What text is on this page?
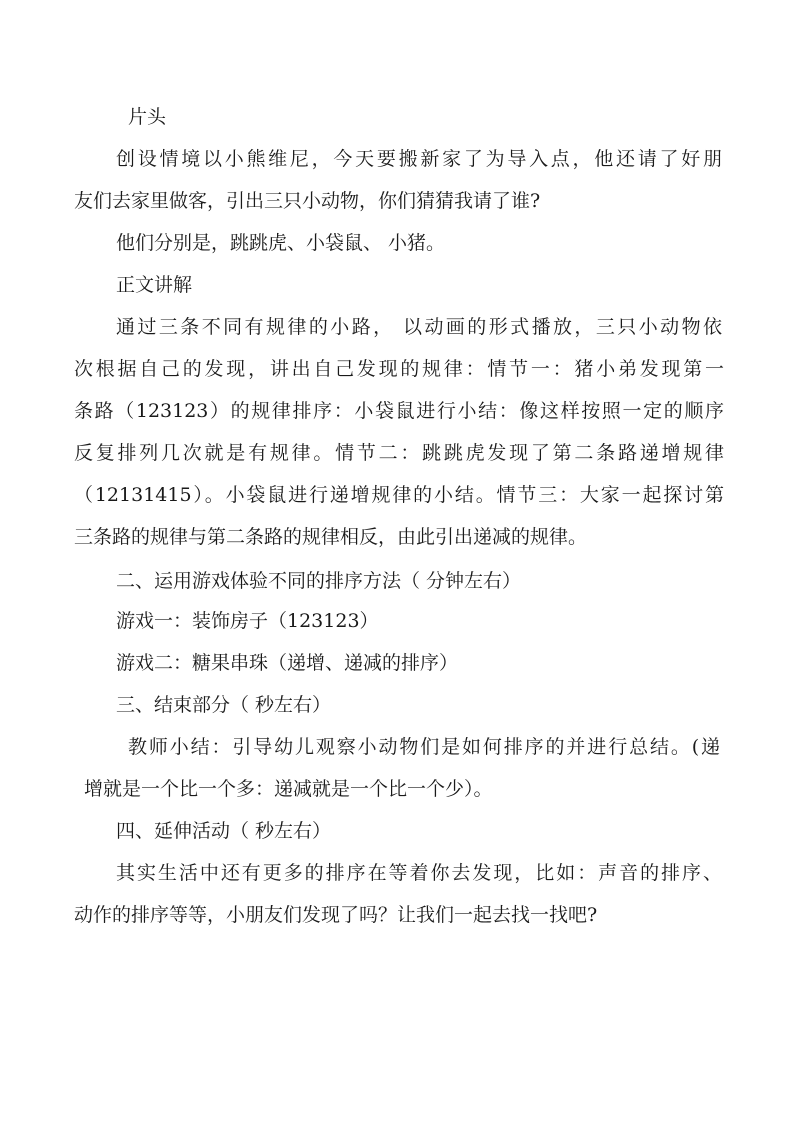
片头
创设情境以小熊维尼，今天要搬新家了为导入点，他还请了好朋
友们去家里做客，引出三只小动物，你们猜猜我请了谁?
他们分别是，跳跳虎、小袋鼠、 小猪。
正文讲解
通过三条不同有规律的小路， 以动画的形式播放，三只小动物依
次根据自己的发现，讲出自己发现的规律：情节一：猪小弟发现第一
条路（123123）的规律排序：小袋鼠进行小结：像这样按照一定的顺序
反复排列几次就是有规律。情节二：跳跳虎发现了第二条路递增规律
（12131415）。小袋鼠进行递增规律的小结。情节三：大家一起探讨第
三条路的规律与第二条路的规律相反，由此引出递减的规律。
二、运用游戏体验不同的排序方法（ 分钟左右）
游戏一：装饰房子（123123）
游戏二：糖果串珠（递增、递减的排序）
三、结束部分（ 秒左右）
教师小结：引导幼儿观察小动物们是如何排序的并进行总结。(递
增就是一个比一个多：递减就是一个比一个少）。
四、延伸活动（ 秒左右）
其实生活中还有更多的排序在等着你去发现，比如：声音的排序、
动作的排序等等，小朋友们发现了吗？让我们一起去找一找吧?
